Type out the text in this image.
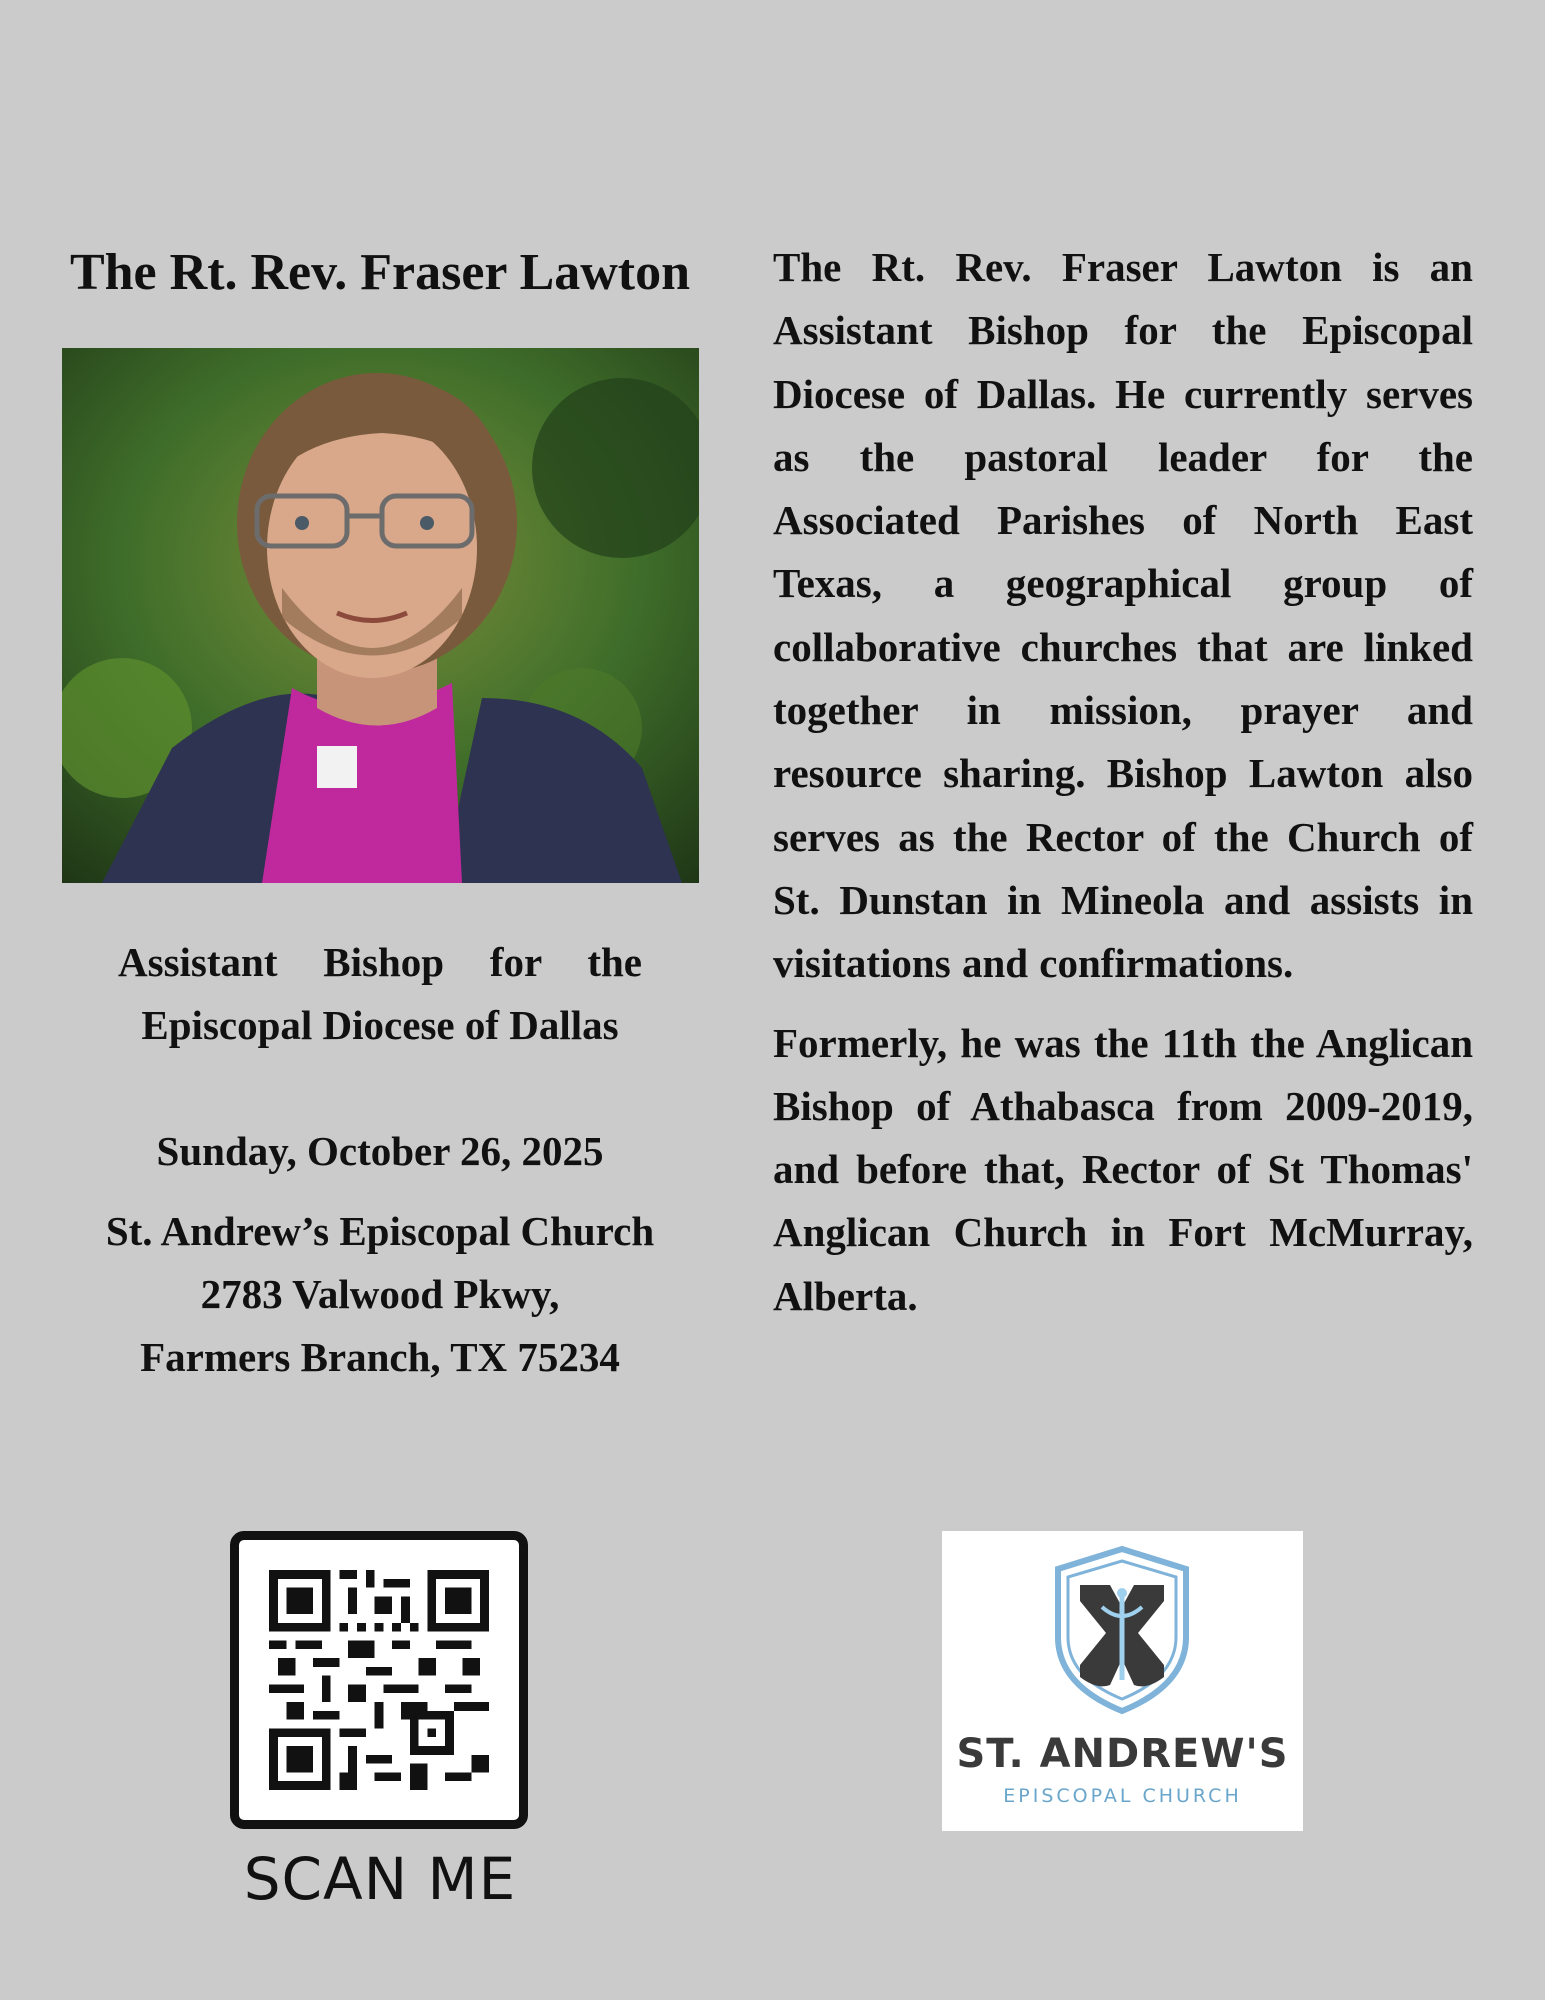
The Rt. Rev. Fraser Lawton
Assistant Bishop for the
Episcopal Diocese of Dallas
Sunday, October 26, 2025
St. Andrew’s Episcopal Church
2783 Valwood Pkwy,
Farmers Branch, TX 75234

The Rt. Rev. Fraser Lawton is an Assistant Bishop for the Episcopal Diocese of Dallas. He currently serves as the pastoral leader for the Associated Parishes of North East Texas, a geographical group of collaborative churches that are linked together in mission, prayer and resource sharing. Bishop Lawton also serves as the Rector of the Church of St. Dunstan in Mineola and assists in visitations and confirmations.

Formerly, he was the 11th the Anglican Bishop of Athabasca from 2009-2019, and before that, Rector of St Thomas' Anglican Church in Fort McMurray, Alberta.

SCAN ME
ST. ANDREW'S
EPISCOPAL CHURCH
